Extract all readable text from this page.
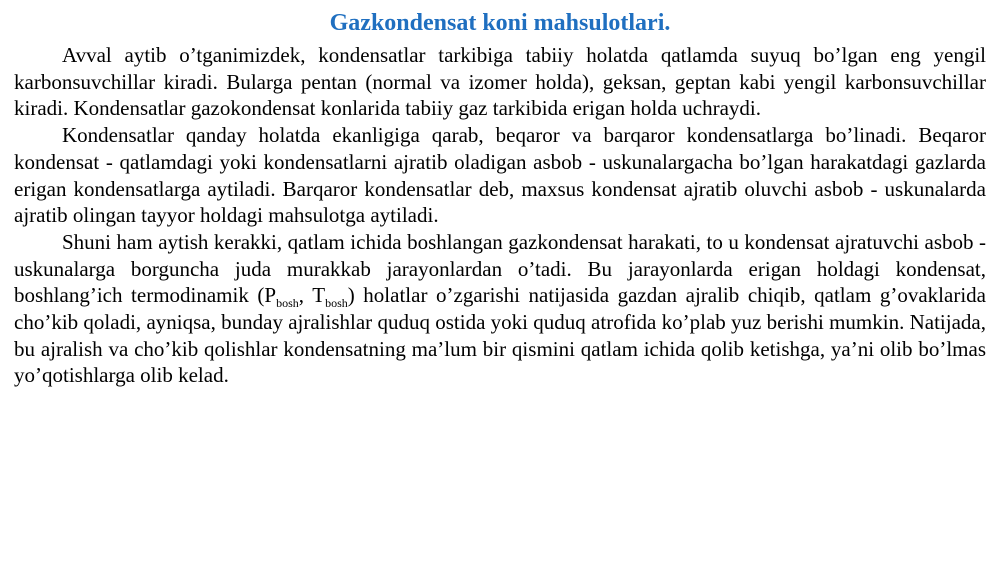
Gazkondensat koni mahsulotlari.

Avval aytib o’tganimizdek, kondensatlar tarkibiga tabiiy holatda qatlamda suyuq bo’lgan eng yengil karbonsuvchillar kiradi. Bularga pentan (normal va izomer holda), geksan, geptan kabi yengil karbonsuvchillar kiradi. Kondensatlar gazokondensat konlarida tabiiy gaz tarkibida erigan holda uchraydi.

Kondensatlar qanday holatda ekanligiga qarab, beqaror va barqaror kondensatlarga bo’linadi. Beqaror kondensat - qatlamdagi yoki kondensatlarni ajratib oladigan asbob - uskunalargacha bo’lgan harakatdagi gazlarda erigan kondensatlarga aytiladi. Barqaror kondensatlar deb, maxsus kondensat ajratib oluvchi asbob - uskunalarda ajratib olingan tayyor holdagi mahsulotga aytiladi.

Shuni ham aytish kerakki, qatlam ichida boshlangan gazkondensat harakati, to u kondensat ajratuvchi asbob - uskunalarga borguncha juda murakkab jarayonlardan o’tadi. Bu jarayonlarda erigan holdagi kondensat, boshlang’ich termodinamik ($P_{bosh}$, $T_{bosh}$) holatlar o’zgarishi natijasida gazdan ajralib chiqib, qatlam g’ovaklarida cho’kib qoladi, ayniqsa, bunday ajralishlar quduq ostida yoki quduq atrofida ko’plab yuz berishi mumkin. Natijada, bu ajralish va cho’kib qolishlar kondensatning ma’lum bir qismini qatlam ichida qolib ketishga, ya’ni olib bo’lmas yo’qotishlarga olib kelad.
